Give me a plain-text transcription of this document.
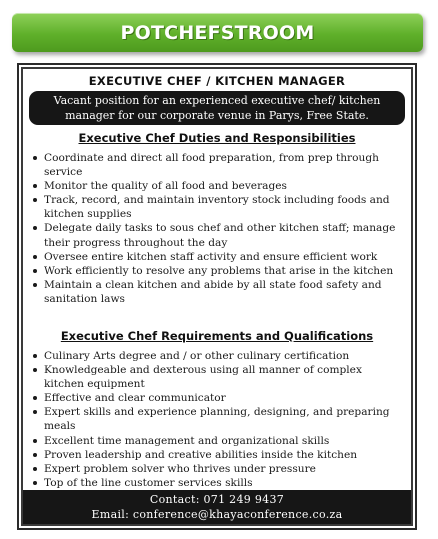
POTCHEFSTROOM
EXECUTIVE CHEF / KITCHEN MANAGER
Vacant position for an experienced executive chef/ kitchen manager for our corporate venue in Parys, Free State.
Executive Chef Duties and Responsibilities
Coordinate and direct all food preparation, from prep through service
Monitor the quality of all food and beverages
Track, record, and maintain inventory stock including foods and kitchen supplies
Delegate daily tasks to sous chef and other kitchen staff; manage their progress throughout the day
Oversee entire kitchen staff activity and ensure efficient work
Work efficiently to resolve any problems that arise in the kitchen
Maintain a clean kitchen and abide by all state food safety and sanitation laws
Executive Chef Requirements and Qualifications
Culinary Arts degree and / or other culinary certification
Knowledgeable and dexterous using all manner of complex kitchen equipment
Effective and clear communicator
Expert skills and experience planning, designing, and preparing meals
Excellent time management and organizational skills
Proven leadership and creative abilities inside the kitchen
Expert problem solver who thrives under pressure
Top of the line customer services skills
Contact: 071 249 9437
Email: conference@khayaconference.co.za
